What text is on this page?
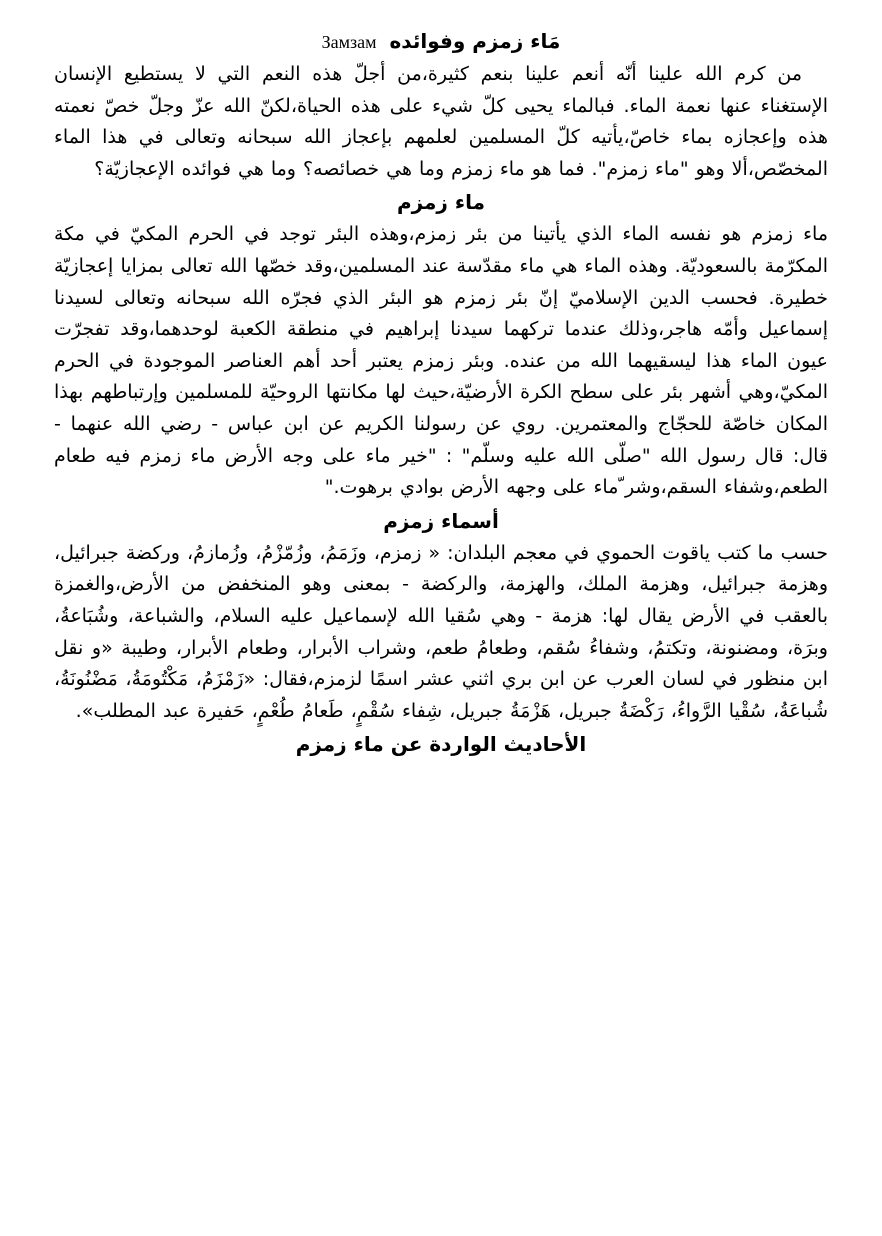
مَاء زمزم وفوائده Замзам

من كرم الله علينا أنّه أنعم علينا بنعم كثيرة،من أجلّ هذه النعم التي لا يستطيع الإنسان الإستغناء عنها نعمة الماء. فبالماء يحيى كلّ شيء على هذه الحياة،لكنّ الله عزّ وجلّ خصّ نعمته هذه وإعجازه بماء خاصّ،يأتيه كلّ المسلمين لعلمهم بإعجاز الله سبحانه وتعالى في هذا الماء المخصّص،ألا وهو "ماء زمزم". فما هو ماء زمزم وما هي خصائصه؟ وما هي فوائده الإعجازيّة؟

ماء زمزم

ماء زمزم هو نفسه الماء الذي يأتينا من بئر زمزم،وهذه البئر توجد في الحرم المكيّ في مكة المكرّمة بالسعوديّة. وهذه الماء هي ماء مقدّسة عند المسلمين،وقد خصّها الله تعالى بمزايا إعجازيّة خطيرة. فحسب الدين الإسلاميّ إنّ بئر زمزم هو البئر الذي فجرّه الله سبحانه وتعالى لسيدنا إسماعيل وأمّه هاجر،وذلك عندما تركهما سيدنا إبراهيم في منطقة الكعبة لوحدهما،وقد تفجرّت عيون الماء هذا ليسقيهما الله من عنده. وبئر زمزم يعتبر أحد أهم العناصر الموجودة في الحرم المكيّ،وهي أشهر بئر على سطح الكرة الأرضيّة،حيث لها مكانتها الروحيّة للمسلمين وإرتباطهم بهذا المكان خاصّة للحجّاج والمعتمرين. روي عن رسولنا الكريم عن ابن عباس - رضي الله عنهما - قال: قال رسول الله "صلّى الله عليه وسلّم" : "خير ماء على وجه الأرض ماء زمزم فيه طعام الطعم،وشفاء السقم،وشر ّماء على وجهه الأرض بوادي برهوت."

أسماء زمزم

حسب ما كتب ياقوت الحموي في معجم البلدان: « زمزم، وزَمَمُ، وزُمّزْمُ، وزُمازمُ، وركضة جبرائيل، وهزمة جبرائيل، وهزمة الملك، والهزمة، والركضة - بمعنى وهو المنخفض من الأرض،والغمزة بالعقب في الأرض يقال لها: هزمة - وهي سُقيا الله لإسماعيل عليه السلام، والشباعة، وشُبَاعةُ، وبرَة، ومضنونة، وتكتمُ، وشفاءُ سُقم، وطعامُ طعم، وشراب الأبرار، وطعام الأبرار، وطيبة «و نقل ابن منظور في لسان العرب عن ابن بري اثني عشر اسمًا لزمزم،فقال: «زَمْزَمُ، مَكْتُومَةُ، مَضْنُونَةُ، شُباعَةُ، سُقْيا الرَّواءُ، رَكْضَةُ جبريل، هَزْمَةُ جبريل، شِفاء سُقْمٍ، طَعامُ طُعْمٍ، حَفيرة عبد المطلب».

الأحاديث الواردة عن ماء زمزم
